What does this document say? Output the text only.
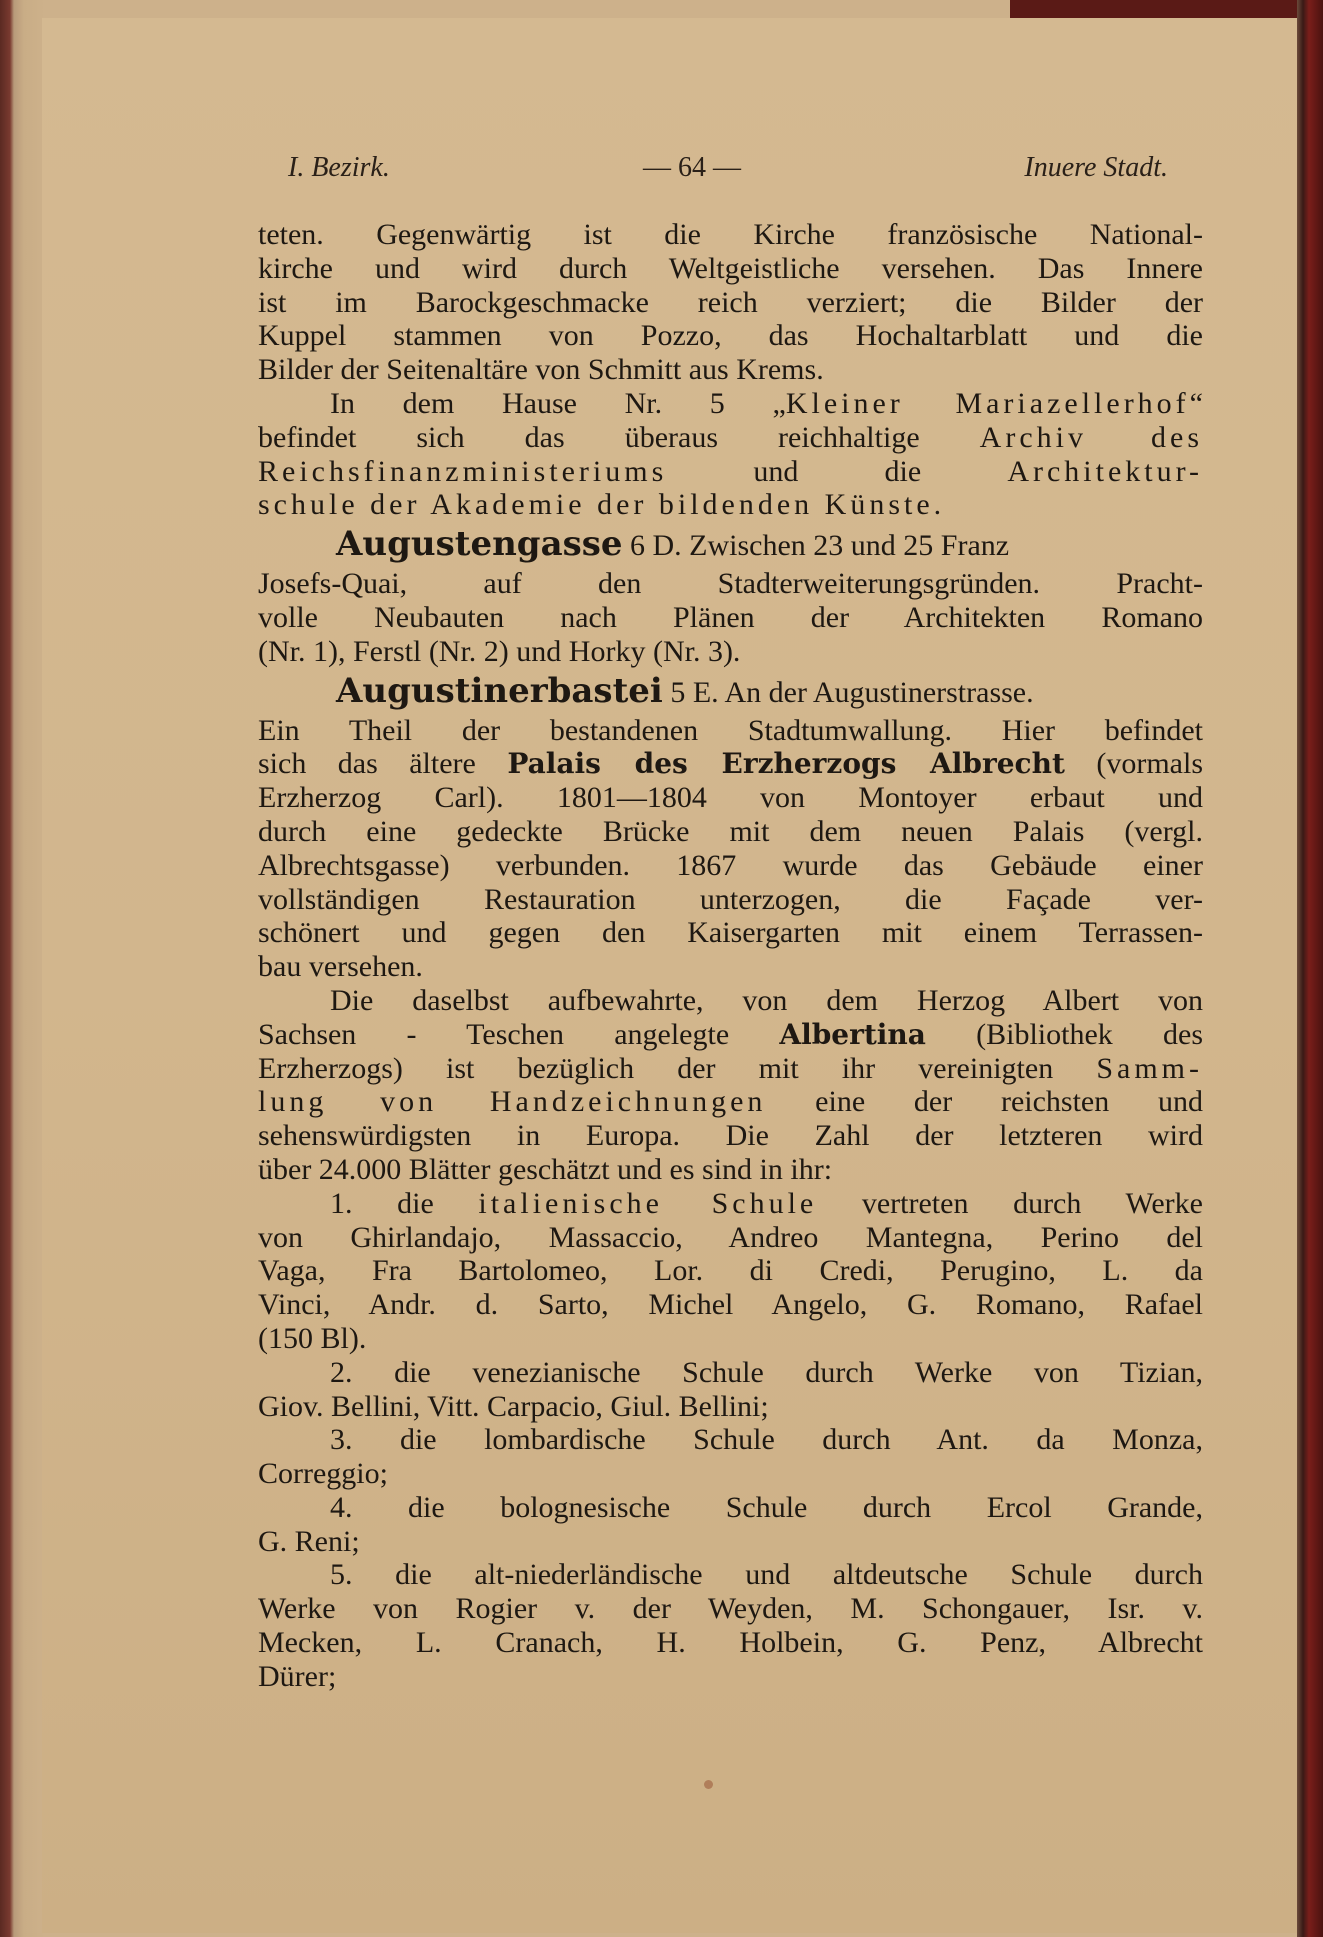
I. Bezirk.	— 64 —	Inuere Stadt.
teten. Gegenwärtig ist die Kirche französische National-
kirche und wird durch Weltgeistliche versehen. Das Innere
ist im Barockgeschmacke reich verziert; die Bilder der
Kuppel stammen von Pozzo, das Hochaltarblatt und die
Bilder der Seitenaltäre von Schmitt aus Krems.
In dem Hause Nr. 5 „Kleiner Mariazellerhof“
befindet sich das überaus reichhaltige Archiv des
Reichsfinanzministeriums und die Architektur-
schule der Akademie der bildenden Künste.
Augustengasse 6 D. Zwischen 23 und 25 Franz
Josefs-Quai, auf den Stadterweiterungsgründen. Pracht-
volle Neubauten nach Plänen der Architekten Romano
(Nr. 1), Ferstl (Nr. 2) und Horky (Nr. 3).
Augustinerbastei 5 E. An der Augustinerstrasse.
Ein Theil der bestandenen Stadtumwallung. Hier befindet
sich das ältere Palais des Erzherzogs Albrecht (vormals
Erzherzog Carl). 1801—1804 von Montoyer erbaut und
durch eine gedeckte Brücke mit dem neuen Palais (vergl.
Albrechtsgasse) verbunden. 1867 wurde das Gebäude einer
vollständigen Restauration unterzogen, die Façade ver-
schönert und gegen den Kaisergarten mit einem Terrassen-
bau versehen.
Die daselbst aufbewahrte, von dem Herzog Albert von
Sachsen - Teschen angelegte Albertina (Bibliothek des
Erzherzogs) ist bezüglich der mit ihr vereinigten Samm-
lung von Handzeichnungen eine der reichsten und
sehenswürdigsten in Europa. Die Zahl der letzteren wird
über 24.000 Blätter geschätzt und es sind in ihr:
1. die italienische Schule vertreten durch Werke
von Ghirlandajo, Massaccio, Andreo Mantegna, Perino del
Vaga, Fra Bartolomeo, Lor. di Credi, Perugino, L. da
Vinci, Andr. d. Sarto, Michel Angelo, G. Romano, Rafael
(150 Bl).
2. die venezianische Schule durch Werke von Tizian,
Giov. Bellini, Vitt. Carpacio, Giul. Bellini;
3. die lombardische Schule durch Ant. da Monza,
Correggio;
4. die bolognesische Schule durch Ercol Grande,
G. Reni;
5. die alt-niederländische und altdeutsche Schule durch
Werke von Rogier v. der Weyden, M. Schongauer, Isr. v.
Mecken, L. Cranach, H. Holbein, G. Penz, Albrecht
Dürer;
